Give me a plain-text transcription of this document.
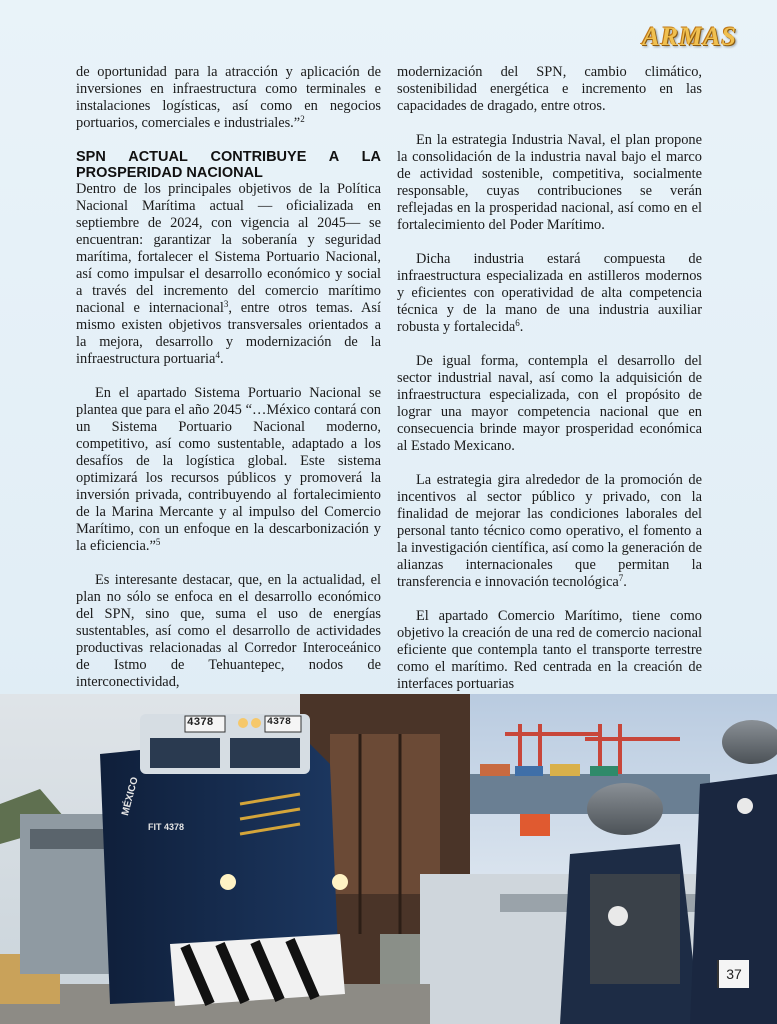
ARMAS

de oportunidad para la atracción y aplicación de inversiones en infraestructura como terminales e instalaciones logísticas, así como en negocios portuarios, comerciales e industriales.”$^2$

SPN ACTUAL CONTRIBUYE A LA PROSPERIDAD NACIONAL

Dentro de los principales objetivos de la Política Nacional Marítima actual — oficializada en septiembre de 2024, con vigencia al 2045— se encuentran: garantizar la soberanía y seguridad marítima, fortalecer el Sistema Portuario Nacional, así como impulsar el desarrollo económico y social a través del incremento del comercio marítimo nacional e internacional$^3$, entre otros temas. Así mismo existen objetivos transversales orientados a la mejora, desarrollo y modernización de la infraestructura portuaria$^4$.

En el apartado Sistema Portuario Nacional se plantea que para el año 2045 “…México contará con un Sistema Portuario Nacional moderno, competitivo, así como sustentable, adaptado a los desafíos de la logística global. Este sistema optimizará los recursos públicos y promoverá la inversión privada, contribuyendo al fortalecimiento de la Marina Mercante y al impulso del Comercio Marítimo, con un enfoque en la descarbonización y la eficiencia.”$^5$

Es interesante destacar, que, en la actualidad, el plan no sólo se enfoca en el desarrollo económico del SPN, sino que, suma el uso de energías sustentables, así como el desarrollo de actividades productivas relacionadas al Corredor Interoceánico de Istmo de Tehuantepec, nodos de interconectividad,

modernización del SPN, cambio climático, sostenibilidad energética e incremento en las capacidades de dragado, entre otros.

En la estrategia Industria Naval, el plan propone la consolidación de la industria naval bajo el marco de actividad sostenible, competitiva, socialmente responsable, cuyas contribuciones se verán reflejadas en la prosperidad nacional, así como en el fortalecimiento del Poder Marítimo.

Dicha industria estará compuesta de infraestructura especializada en astilleros modernos y eficientes con operatividad de alta competencia técnica y de la mano de una industria auxiliar robusta y fortalecida$^6$.

De igual forma, contempla el desarrollo del sector industrial naval, así como la adquisición de infraestructura especializada, con el propósito de lograr una mayor competencia nacional que en consecuencia brinde mayor prosperidad económica al Estado Mexicano.

La estrategia gira alrededor de la promoción de incentivos al sector público y privado, con la finalidad de mejorar las condiciones laborales del personal tanto técnico como operativo, el fomento a la investigación científica, así como la generación de alianzas internacionales que permitan la transferencia e innovación tecnológica$^7$.

El apartado Comercio Marítimo, tiene como objetivo la creación de una red de comercio nacional eficiente que contempla tanto el transporte terrestre como el marítimo. Red centrada en la creación de interfaces portuarias

4378	4378
MÉXICO
FIT 4378
37
